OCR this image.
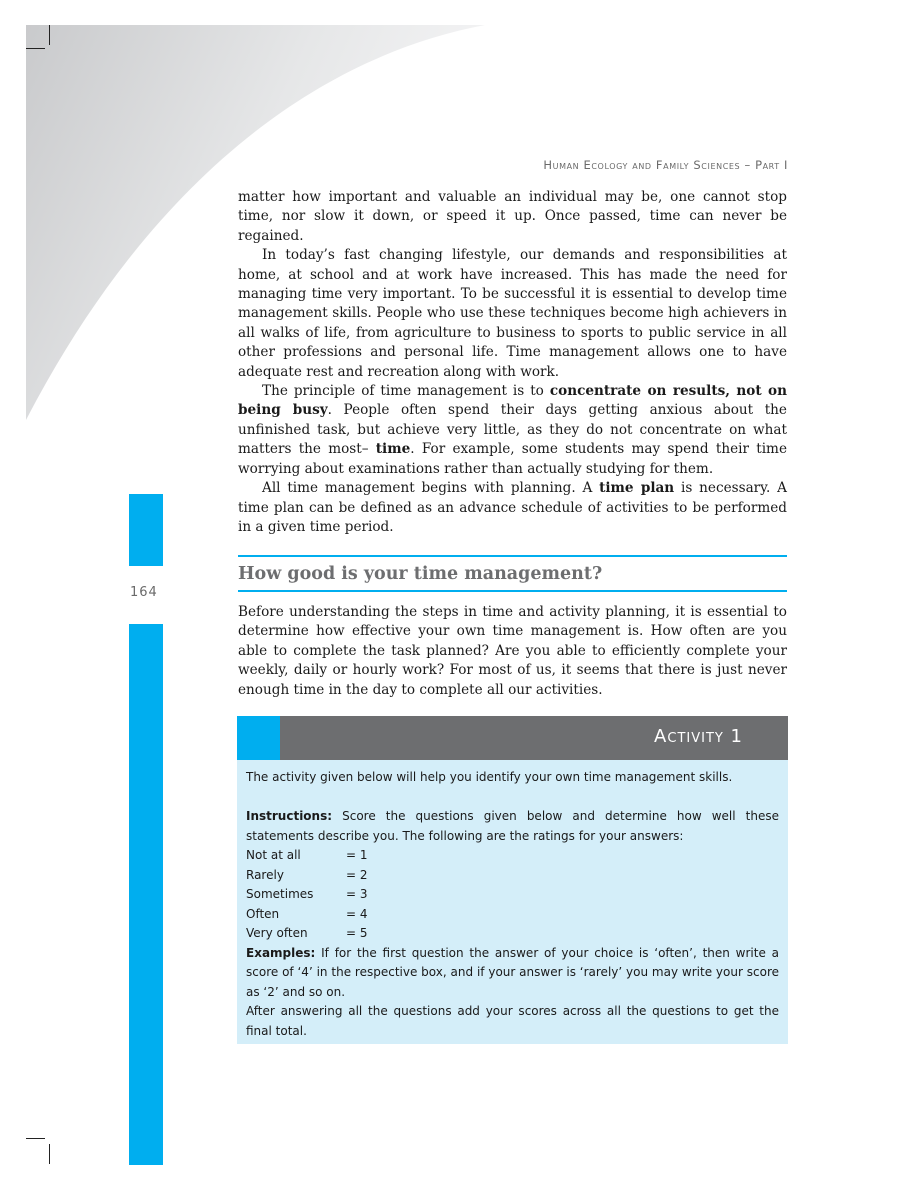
Human Ecology and Family Sciences – Part I
164

matter how important and valuable an individual may be, one cannot stop time, nor slow it down, or speed it up. Once passed, time can never be regained.

In today’s fast changing lifestyle, our demands and responsibilities at home, at school and at work have increased. This has made the need for managing time very important. To be successful it is essential to develop time management skills. People who use these techniques become high achievers in all walks of life, from agriculture to business to sports to public service in all other professions and personal life. Time management allows one to have adequate rest and recreation along with work.

The principle of time management is to concentrate on results, not on being busy. People often spend their days getting anxious about the unfinished task, but achieve very little, as they do not concentrate on what matters the most– time. For example, some students may spend their time worrying about examinations rather than actually studying for them.

All time management begins with planning. A time plan is necessary. A time plan can be defined as an advance schedule of activities to be performed in a given time period.

How good is your time management?

Before understanding the steps in time and activity planning, it is essential to determine how effective your own time management is. How often are you able to complete the task planned? Are you able to efficiently complete your weekly, daily or hourly work? For most of us, it seems that there is just never enough time in the day to complete all our activities.

Activity 1

The activity given below will help you identify your own time management skills.

Instructions: Score the questions given below and determine how well these statements describe you. The following are the ratings for your answers:

Not at all	= 1
Rarely	= 2
Sometimes	= 3
Often	= 4
Very often	= 5

Examples: If for the first question the answer of your choice is ‘often’, then write a score of ‘4’ in the respective box, and if your answer is ‘rarely’ you may write your score as ‘2’ and so on.

After answering all the questions add your scores across all the questions to get the final total.
